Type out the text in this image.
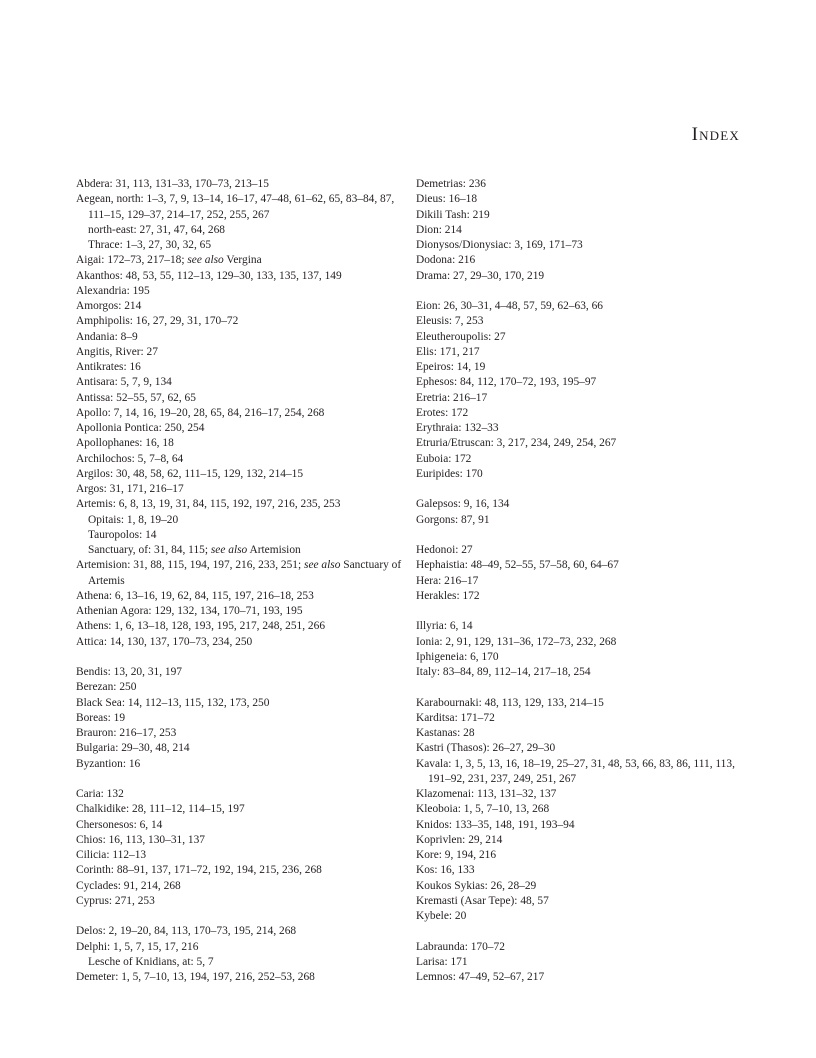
Index
Abdera: 31, 113, 131–33, 170–73, 213–15
Aegean, north: 1–3, 7, 9, 13–14, 16–17, 47–48, 61–62, 65, 83–84, 87, 111–15, 129–37, 214–17, 252, 255, 267
north-east: 27, 31, 47, 64, 268
Thrace: 1–3, 27, 30, 32, 65
Aigai: 172–73, 217–18; see also Vergina
Akanthos: 48, 53, 55, 112–13, 129–30, 133, 135, 137, 149
Alexandria: 195
Amorgos: 214
Amphipolis: 16, 27, 29, 31, 170–72
Andania: 8–9
Angitis, River: 27
Antikrates: 16
Antisara: 5, 7, 9, 134
Antissa: 52–55, 57, 62, 65
Apollo: 7, 14, 16, 19–20, 28, 65, 84, 216–17, 254, 268
Apollonia Pontica: 250, 254
Apollophanes: 16, 18
Archilochos: 5, 7–8, 64
Argilos: 30, 48, 58, 62, 111–15, 129, 132, 214–15
Argos: 31, 171, 216–17
Artemis: 6, 8, 13, 19, 31, 84, 115, 192, 197, 216, 235, 253
Opitais: 1, 8, 19–20
Tauropolos: 14
Sanctuary, of: 31, 84, 115; see also Artemision
Artemision: 31, 88, 115, 194, 197, 216, 233, 251; see also Sanctuary of Artemis
Athena: 6, 13–16, 19, 62, 84, 115, 197, 216–18, 253
Athenian Agora: 129, 132, 134, 170–71, 193, 195
Athens: 1, 6, 13–18, 128, 193, 195, 217, 248, 251, 266
Attica: 14, 130, 137, 170–73, 234, 250
Bendis: 13, 20, 31, 197
Berezan: 250
Black Sea: 14, 112–13, 115, 132, 173, 250
Boreas: 19
Brauron: 216–17, 253
Bulgaria: 29–30, 48, 214
Byzantion: 16
Caria: 132
Chalkidike: 28, 111–12, 114–15, 197
Chersonesos: 6, 14
Chios: 16, 113, 130–31, 137
Cilicia: 112–13
Corinth: 88–91, 137, 171–72, 192, 194, 215, 236, 268
Cyclades: 91, 214, 268
Cyprus: 271, 253
Delos: 2, 19–20, 84, 113, 170–73, 195, 214, 268
Delphi: 1, 5, 7, 15, 17, 216
Lesche of Knidians, at: 5, 7
Demeter: 1, 5, 7–10, 13, 194, 197, 216, 252–53, 268
Demetrias: 236
Dieus: 16–18
Dikili Tash: 219
Dion: 214
Dionysos/Dionysiac: 3, 169, 171–73
Dodona: 216
Drama: 27, 29–30, 170, 219
Eion: 26, 30–31, 4–48, 57, 59, 62–63, 66
Eleusis: 7, 253
Eleutheroupolis: 27
Elis: 171, 217
Epeiros: 14, 19
Ephesos: 84, 112, 170–72, 193, 195–97
Eretria: 216–17
Erotes: 172
Erythraia: 132–33
Etruria/Etruscan: 3, 217, 234, 249, 254, 267
Euboia: 172
Euripides: 170
Galepsos: 9, 16, 134
Gorgons: 87, 91
Hedonoi: 27
Hephaistia: 48–49, 52–55, 57–58, 60, 64–67
Hera: 216–17
Herakles: 172
Illyria: 6, 14
Ionia: 2, 91, 129, 131–36, 172–73, 232, 268
Iphigeneia: 6, 170
Italy: 83–84, 89, 112–14, 217–18, 254
Karabournaki: 48, 113, 129, 133, 214–15
Karditsa: 171–72
Kastanas: 28
Kastri (Thasos): 26–27, 29–30
Kavala: 1, 3, 5, 13, 16, 18–19, 25–27, 31, 48, 53, 66, 83, 86, 111, 113, 191–92, 231, 237, 249, 251, 267
Klazomenai: 113, 131–32, 137
Kleoboia: 1, 5, 7–10, 13, 268
Knidos: 133–35, 148, 191, 193–94
Koprivlen: 29, 214
Kore: 9, 194, 216
Kos: 16, 133
Koukos Sykias: 26, 28–29
Kremasti (Asar Tepe): 48, 57
Kybele: 20
Labraunda: 170–72
Larisa: 171
Lemnos: 47–49, 52–67, 217
